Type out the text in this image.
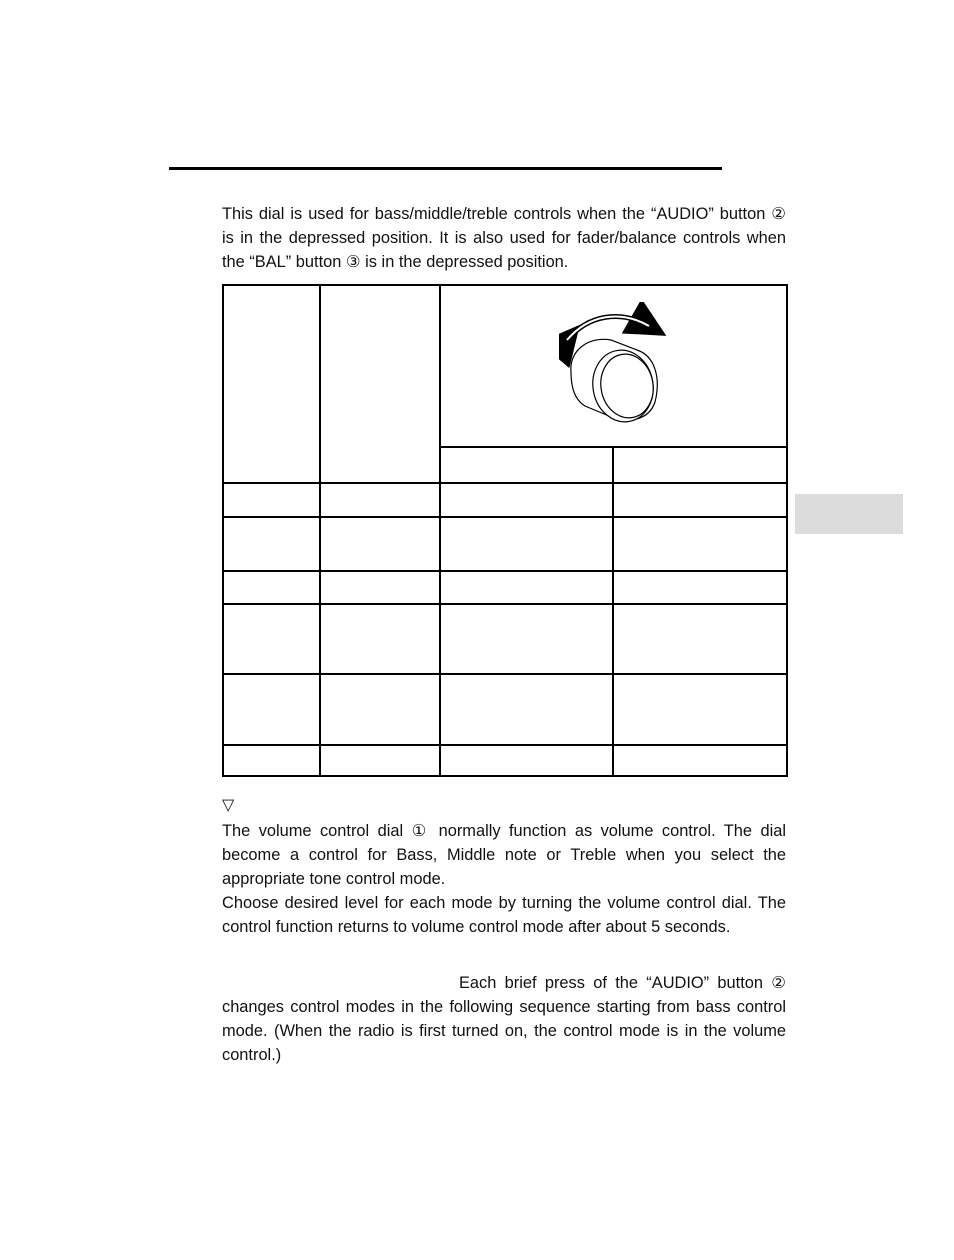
This dial is used for bass/middle/treble controls when the “AUDIO” button ② is in the depressed position. It is also used for fader/balance controls when the “BAL” button ③ is in the depressed position.

▽

The volume control dial ① normally function as volume control. The dial become a control for Bass, Middle note or Treble when you select the appropriate tone control mode.

Choose desired level for each mode by turning the volume control dial. The control function returns to volume control mode after about 5 seconds.

Each brief press of the “AUDIO” button ② changes control modes in the following sequence starting from bass control mode. (When the radio is first turned on, the control mode is in the volume control.)
